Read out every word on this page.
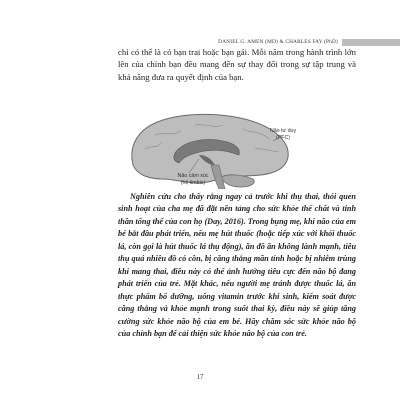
DANIEL G. AMEN (MD) & CHARLES FAY (PhD)

chỉ có thể là có bạn trai hoặc bạn gái. Mỗi năm trong hành trình lớn lên của chính bạn đều mang đến sự thay đổi trong sự tập trung và khả năng đưa ra quyết định của bạn.

Não tư duy
(PFC)
Não cảm xúc
(hệ limbic)

Nghiên cứu cho thấy rằng ngay cả trước khi thụ thai, thói quen sinh hoạt của cha mẹ đã đặt nền tảng cho sức khỏe thể chất và tinh thần tổng thể của con họ (Day, 2016). Trong bụng mẹ, khi não của em bé bắt đầu phát triển, nếu mẹ hút thuốc (hoặc tiếp xúc với khói thuốc lá, còn gọi là hút thuốc lá thụ động), ăn đồ ăn không lành mạnh, tiêu thụ quá nhiều đồ có cồn, bị căng thẳng mãn tính hoặc bị nhiễm trùng khi mang thai, điều này có thể ảnh hưởng tiêu cực đến não bộ đang phát triển của trẻ. Mặt khác, nếu người mẹ tránh được thuốc lá, ăn thực phẩm bổ dưỡng, uống vitamin trước khi sinh, kiểm soát được căng thẳng và khỏe mạnh trong suốt thai kỳ, điều này sẽ giúp tăng cường sức khỏe não bộ của em bé. Hãy chăm sóc sức khỏe não bộ của chính bạn để cải thiện sức khỏe não bộ của con trẻ.

17
